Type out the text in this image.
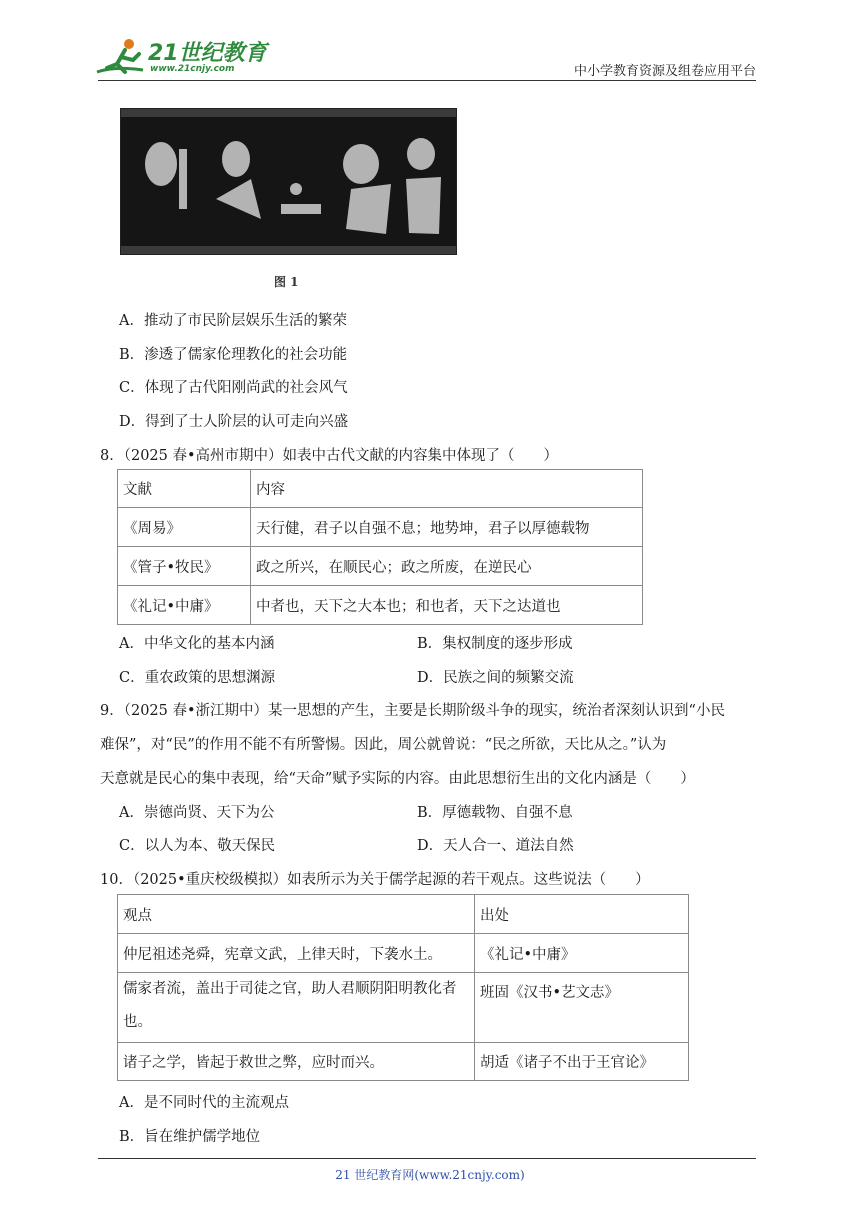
21世纪教育
www.21cnjy.com	中小学教育资源及组卷应用平台
图 1
A．推动了市民阶层娱乐生活的繁荣
B．渗透了儒家伦理教化的社会功能
C．体现了古代阳刚尚武的社会风气
D．得到了士人阶层的认可走向兴盛
8．（2025 春•高州市期中）如表中古代文献的内容集中体现了（　　）
文献	内容
《周易》	天行健，君子以自强不息；地势坤，君子以厚德载物
《管子•牧民》	政之所兴，在顺民心；政之所废，在逆民心
《礼记•中庸》	中者也，天下之大本也；和也者，天下之达道也
A．中华文化的基本内涵	B．集权制度的逐步形成
C．重农政策的思想渊源	D．民族之间的频繁交流
9．（2025 春•浙江期中）某一思想的产生，主要是长期阶级斗争的现实，统治者深刻认识到“小民
难保”，对“民”的作用不能不有所警惕。因此，周公就曾说：“民之所欲，天比从之。”认为
天意就是民心的集中表现，给“天命”赋予实际的内容。由此思想衍生出的文化内涵是（　　）
A．崇德尚贤、天下为公	B．厚德载物、自强不息
C．以人为本、敬天保民	D．天人合一、道法自然
10．（2025•重庆校级模拟）如表所示为关于儒学起源的若干观点。这些说法（　　）
观点	出处
仲尼祖述尧舜，宪章文武，上律天时，下袭水土。	《礼记•中庸》
儒家者流，盖出于司徒之官，助人君顺阴阳明教化者也。	班固《汉书•艺文志》
诸子之学，皆起于救世之弊，应时而兴。	胡适《诸子不出于王官论》
A．是不同时代的主流观点
B．旨在维护儒学地位
21 世纪教育网(www.21cnjy.com)
